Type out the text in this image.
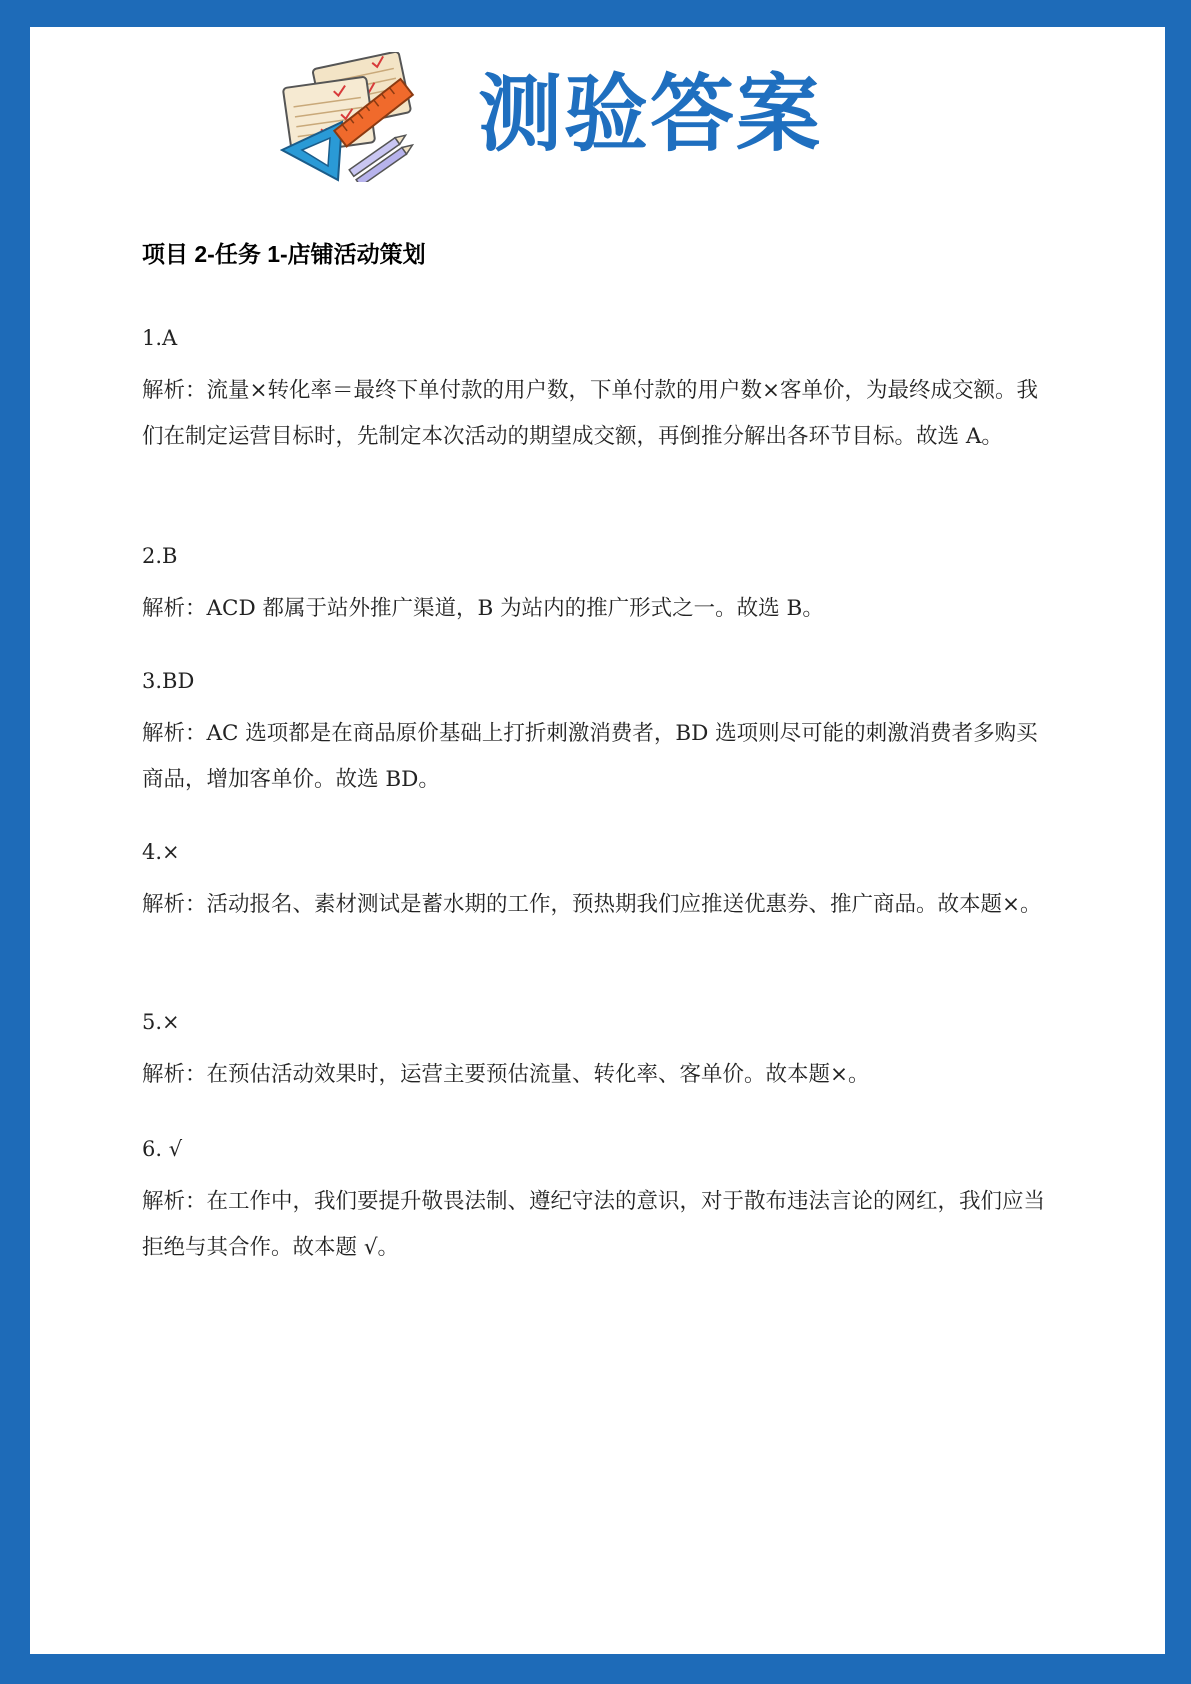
测验答案
项目 2-任务 1-店铺活动策划

1.A

解析：流量×转化率＝最终下单付款的用户数，下单付款的用户数×客单价，为最终成交额。我们在制定运营目标时，先制定本次活动的期望成交额，再倒推分解出各环节目标。故选 A。

2.B

解析：ACD 都属于站外推广渠道，B 为站内的推广形式之一。故选 B。

3.BD

解析：AC 选项都是在商品原价基础上打折刺激消费者，BD 选项则尽可能的刺激消费者多购买商品，增加客单价。故选 BD。

4.×

解析：活动报名、素材测试是蓄水期的工作，预热期我们应推送优惠券、推广商品。故本题×。

5.×

解析：在预估活动效果时，运营主要预估流量、转化率、客单价。故本题×。

6. √

解析：在工作中，我们要提升敬畏法制、遵纪守法的意识，对于散布违法言论的网红，我们应当拒绝与其合作。故本题 √。
